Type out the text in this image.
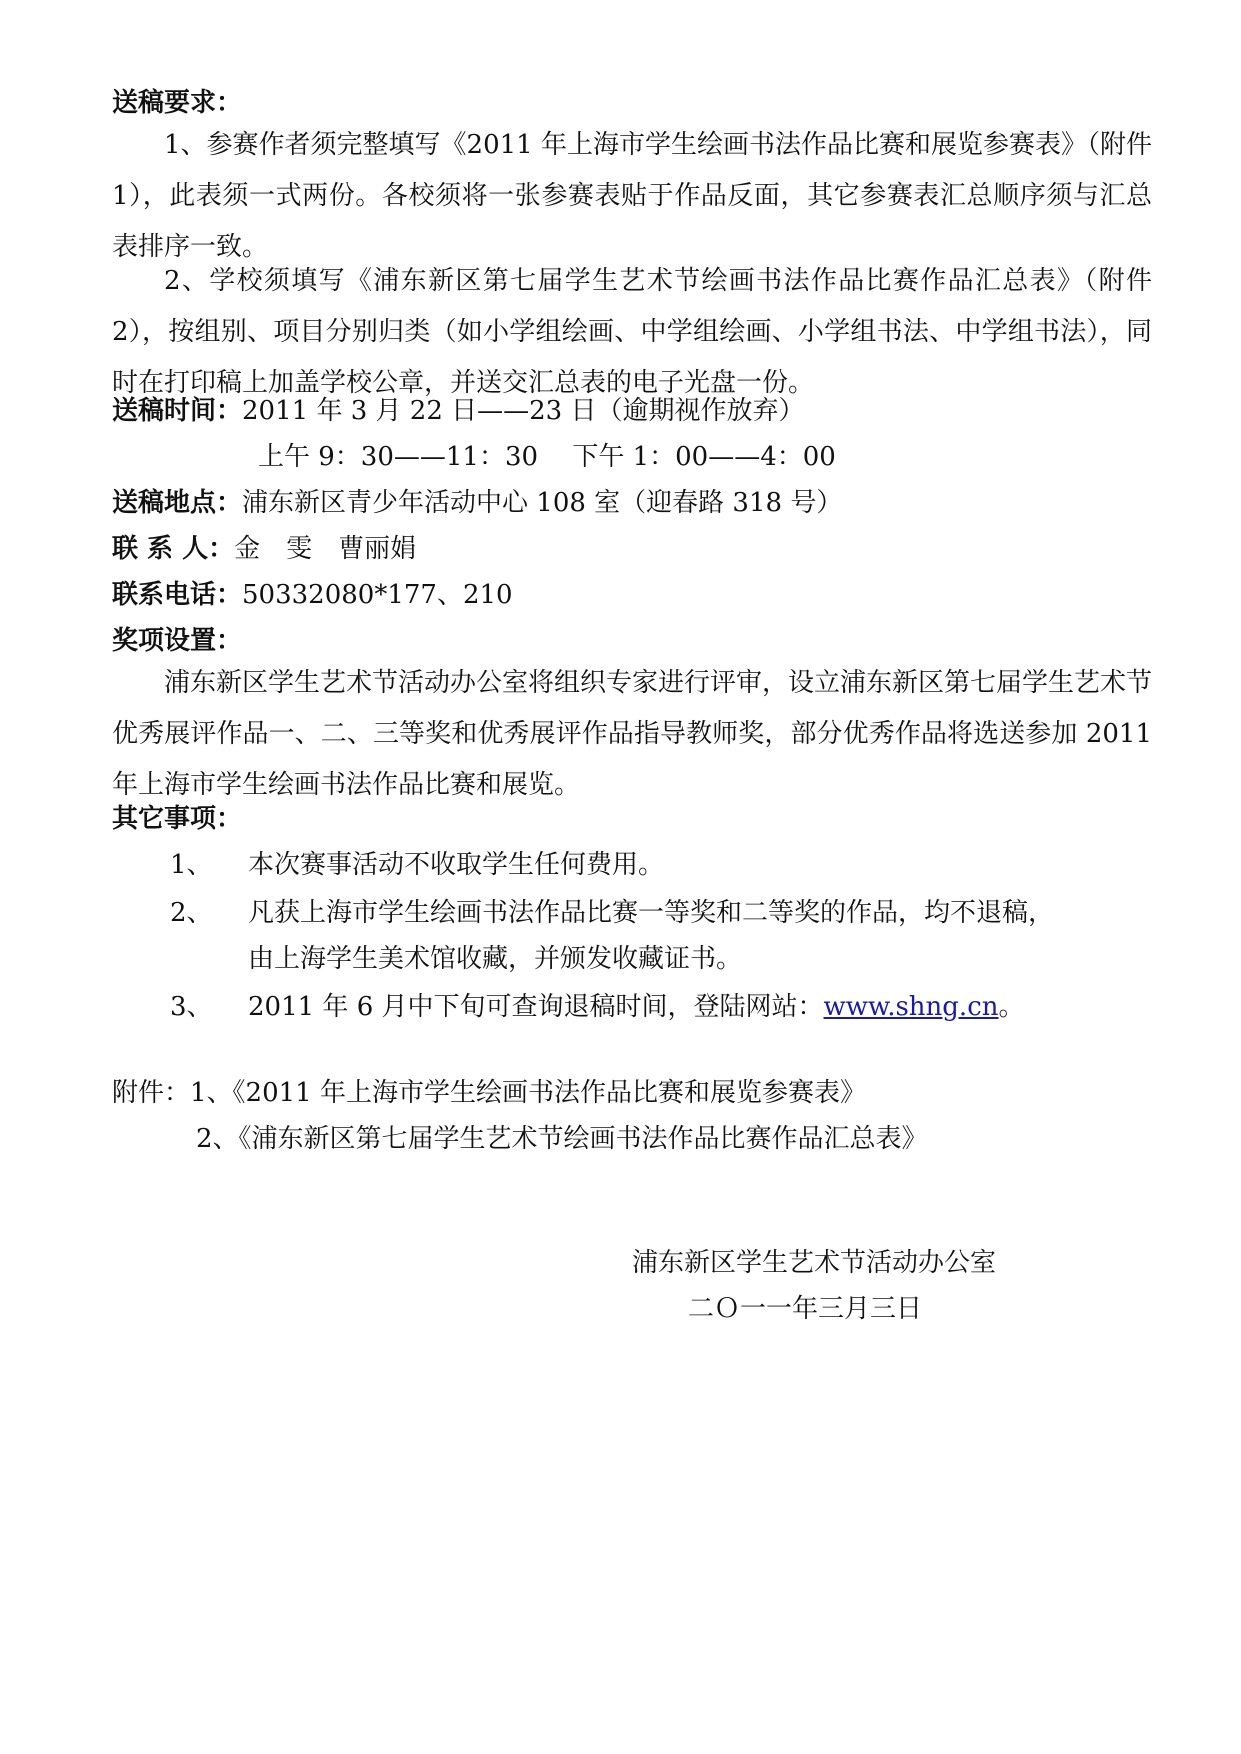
送稿要求：
1、参赛作者须完整填写《2011 年上海市学生绘画书法作品比赛和展览参赛表》（附件 1），此表须一式两份。各校须将一张参赛表贴于作品反面，其它参赛表汇总顺序须与汇总表排序一致。
2、学校须填写《浦东新区第七届学生艺术节绘画书法作品比赛作品汇总表》（附件 2），按组别、项目分别归类（如小学组绘画、中学组绘画、小学组书法、中学组书法），同时在打印稿上加盖学校公章，并送交汇总表的电子光盘一份。
送稿时间：2011 年 3 月 22 日——23 日（逾期视作放弃）
上午 9：30——11：30　 下午 1：00——4：00
送稿地点：浦东新区青少年活动中心 108 室（迎春路 318 号）
联 系 人：金　雯　曹丽娟
联系电话：50332080*177、210
奖项设置：
浦东新区学生艺术节活动办公室将组织专家进行评审，设立浦东新区第七届学生艺术节优秀展评作品一、二、三等奖和优秀展评作品指导教师奖，部分优秀作品将选送参加 2011 年上海市学生绘画书法作品比赛和展览。
其它事项：
1、 本次赛事活动不收取学生任何费用。
2、 凡获上海市学生绘画书法作品比赛一等奖和二等奖的作品，均不退稿，
由上海学生美术馆收藏，并颁发收藏证书。
3、 2011 年 6 月中下旬可查询退稿时间，登陆网站：www.shng.cn。
附件：1、《2011 年上海市学生绘画书法作品比赛和展览参赛表》
2、《浦东新区第七届学生艺术节绘画书法作品比赛作品汇总表》
浦东新区学生艺术节活动办公室
二Ｏ一一年三月三日
